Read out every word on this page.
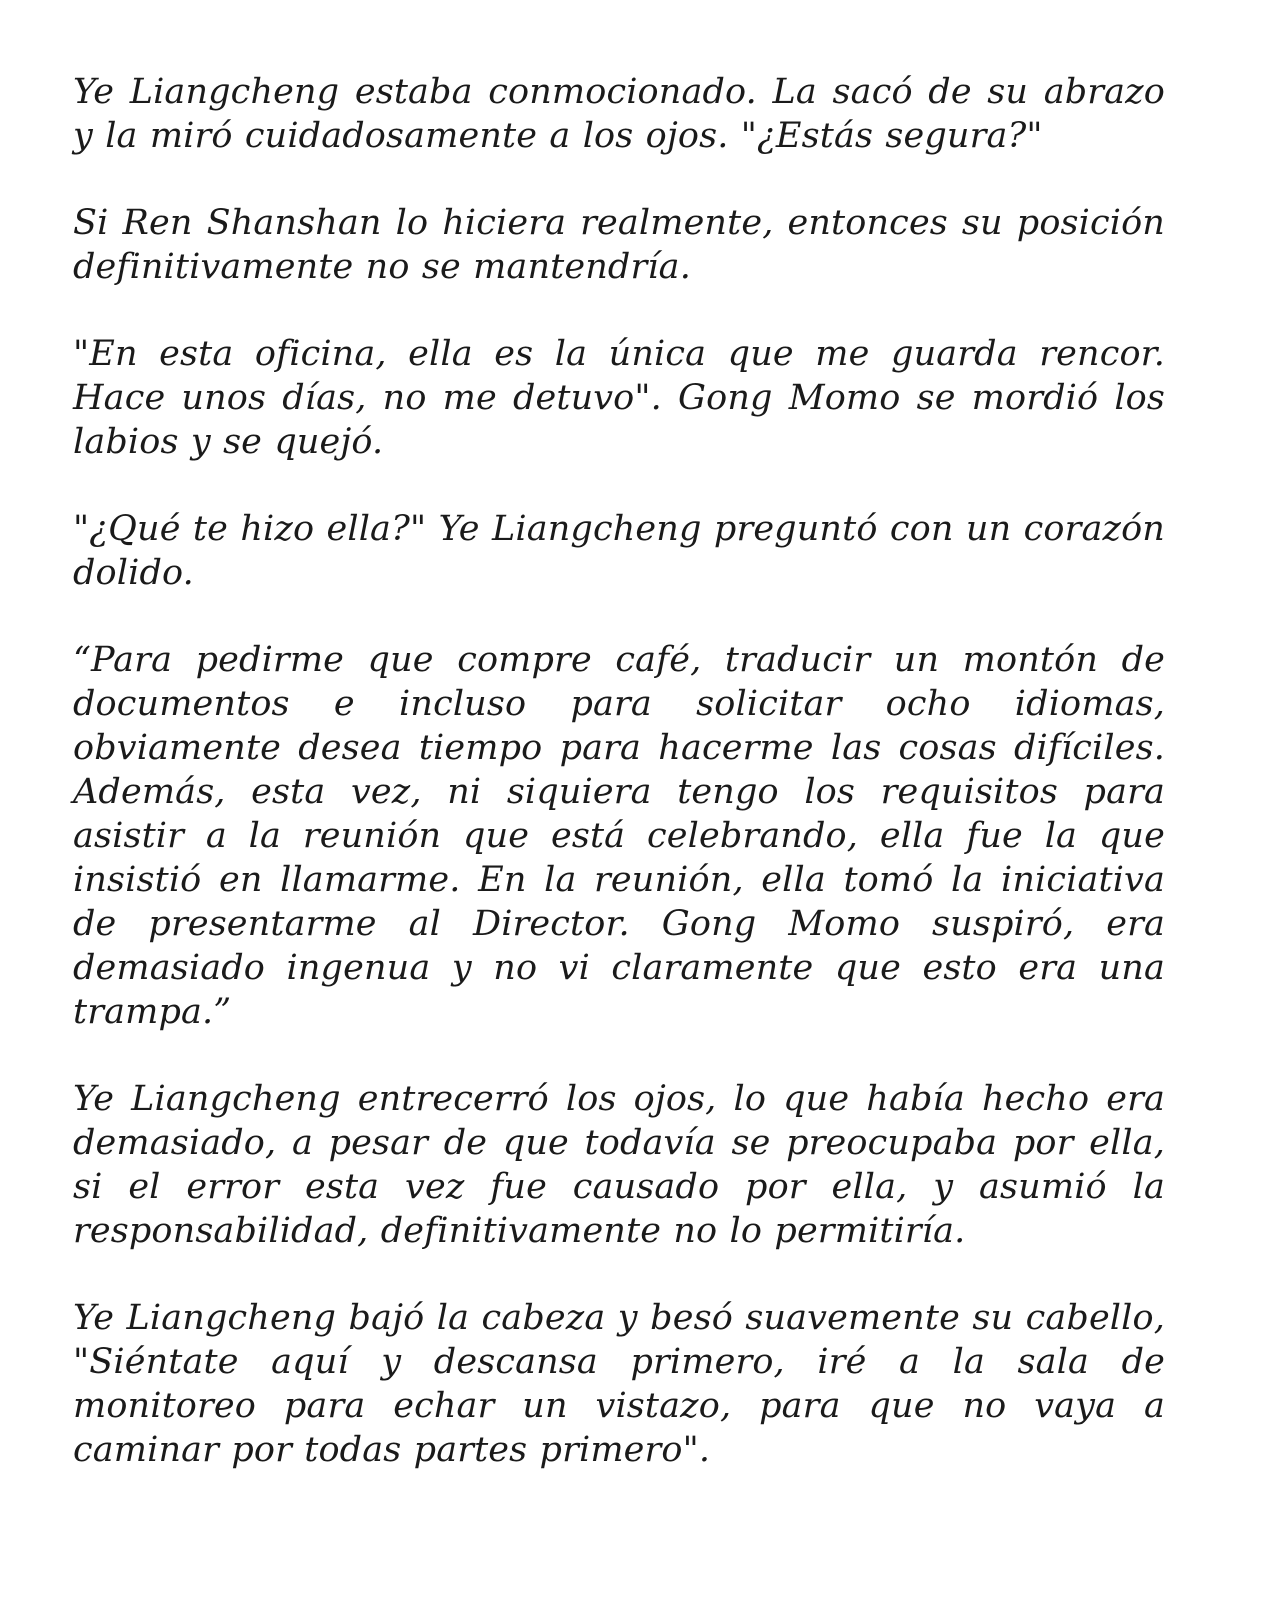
Ye Liangcheng estaba conmocionado. La sacó de su abrazo y la miró cuidadosamente a los ojos. "¿Estás segura?"

Si Ren Shanshan lo hiciera realmente, entonces su posición definitivamente no se mantendría.

"En esta oficina, ella es la única que me guarda rencor. Hace unos días, no me detuvo". Gong Momo se mordió los labios y se quejó.

"¿Qué te hizo ella?" Ye Liangcheng preguntó con un corazón dolido.

“Para pedirme que compre café, traducir un montón de documentos e incluso para solicitar ocho idiomas, obviamente desea tiempo para hacerme las cosas difíciles. Además, esta vez, ni siquiera tengo los requisitos para asistir a la reunión que está celebrando, ella fue la que insistió en llamarme. En la reunión, ella tomó la iniciativa de presentarme al Director. Gong Momo suspiró, era demasiado ingenua y no vi claramente que esto era una trampa.”

Ye Liangcheng entrecerró los ojos, lo que había hecho era demasiado, a pesar de que todavía se preocupaba por ella, si el error esta vez fue causado por ella, y asumió la responsabilidad, definitivamente no lo permitiría.

Ye Liangcheng bajó la cabeza y besó suavemente su cabello, "Siéntate aquí y descansa primero, iré a la sala de monitoreo para echar un vistazo, para que no vaya a caminar por todas partes primero".
